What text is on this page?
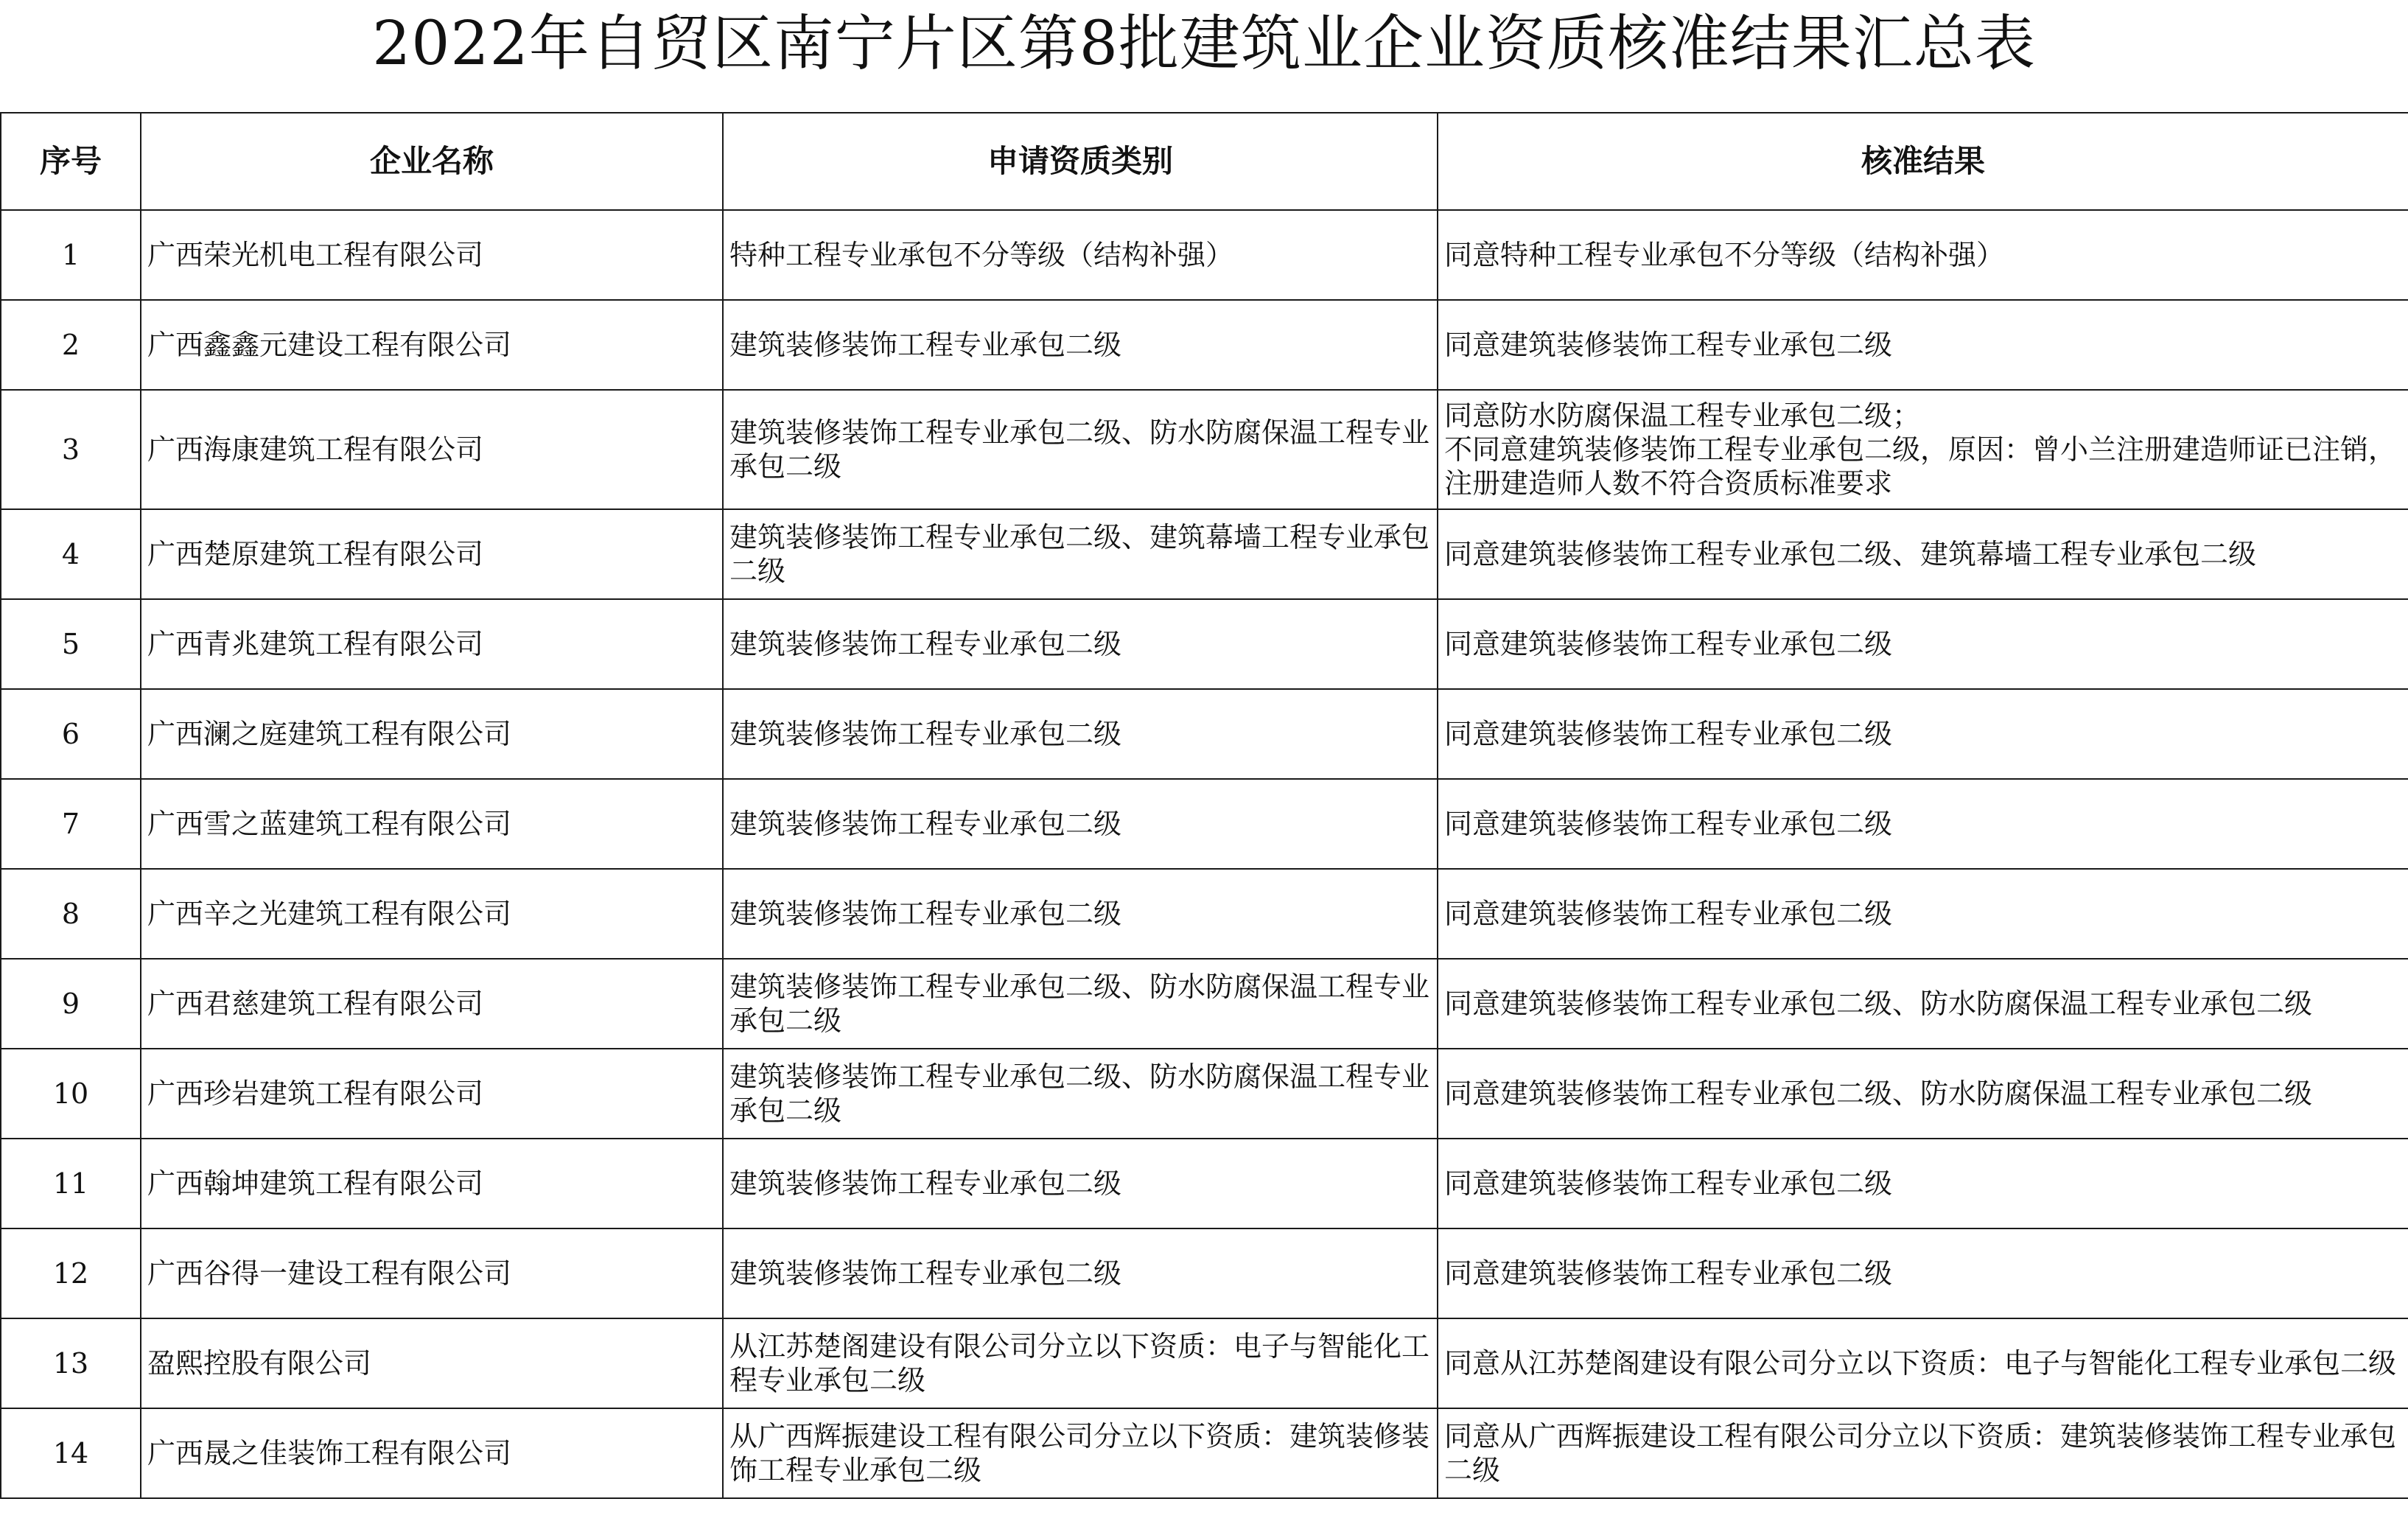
2022年自贸区南宁片区第8批建筑业企业资质核准结果汇总表
序号	企业名称	申请资质类别	核准结果
1	广西荣光机电工程有限公司	特种工程专业承包不分等级（结构补强）	同意特种工程专业承包不分等级（结构补强）
2	广西鑫鑫元建设工程有限公司	建筑装修装饰工程专业承包二级	同意建筑装修装饰工程专业承包二级
3	广西海康建筑工程有限公司	建筑装修装饰工程专业承包二级、防水防腐保温工程专业承包二级	同意防水防腐保温工程专业承包二级；
不同意建筑装修装饰工程专业承包二级，原因：曾小兰注册建造师证已注销，注册建造师人数不符合资质标准要求
4	广西楚原建筑工程有限公司	建筑装修装饰工程专业承包二级、建筑幕墙工程专业承包二级	同意建筑装修装饰工程专业承包二级、建筑幕墙工程专业承包二级
5	广西青兆建筑工程有限公司	建筑装修装饰工程专业承包二级	同意建筑装修装饰工程专业承包二级
6	广西澜之庭建筑工程有限公司	建筑装修装饰工程专业承包二级	同意建筑装修装饰工程专业承包二级
7	广西雪之蓝建筑工程有限公司	建筑装修装饰工程专业承包二级	同意建筑装修装饰工程专业承包二级
8	广西辛之光建筑工程有限公司	建筑装修装饰工程专业承包二级	同意建筑装修装饰工程专业承包二级
9	广西君慈建筑工程有限公司	建筑装修装饰工程专业承包二级、防水防腐保温工程专业承包二级	同意建筑装修装饰工程专业承包二级、防水防腐保温工程专业承包二级
10	广西珍岩建筑工程有限公司	建筑装修装饰工程专业承包二级、防水防腐保温工程专业承包二级	同意建筑装修装饰工程专业承包二级、防水防腐保温工程专业承包二级
11	广西翰坤建筑工程有限公司	建筑装修装饰工程专业承包二级	同意建筑装修装饰工程专业承包二级
12	广西谷得一建设工程有限公司	建筑装修装饰工程专业承包二级	同意建筑装修装饰工程专业承包二级
13	盈熙控股有限公司	从江苏楚阁建设有限公司分立以下资质：电子与智能化工程专业承包二级	同意从江苏楚阁建设有限公司分立以下资质：电子与智能化工程专业承包二级
14	广西晟之佳装饰工程有限公司	从广西辉振建设工程有限公司分立以下资质：建筑装修装饰工程专业承包二级	同意从广西辉振建设工程有限公司分立以下资质：建筑装修装饰工程专业承包二级
